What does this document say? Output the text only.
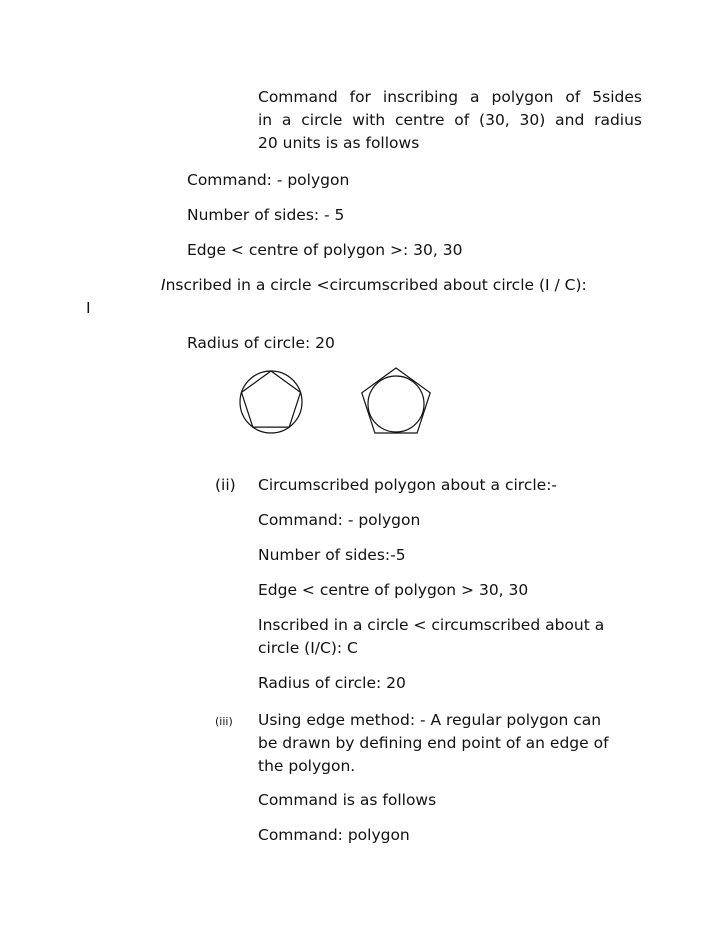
Command for inscribing a polygon of 5sides
in a circle with centre of (30, 30) and radius
20 units is as follows
Command: - polygon
Number of sides: - 5
Edge < centre of polygon >: 30, 30
Inscribed in a circle <circumscribed about circle (I / C):
I
Radius of circle: 20
(ii) Circumscribed polygon about a circle:-
Command: - polygon
Number of sides:-5
Edge < centre of polygon > 30, 30
Inscribed in a circle < circumscribed about a
circle (I/C): C
Radius of circle: 20
(iii) Using edge method: - A regular polygon can
be drawn by defining end point of an edge of
the polygon.
Command is as follows
Command: polygon
